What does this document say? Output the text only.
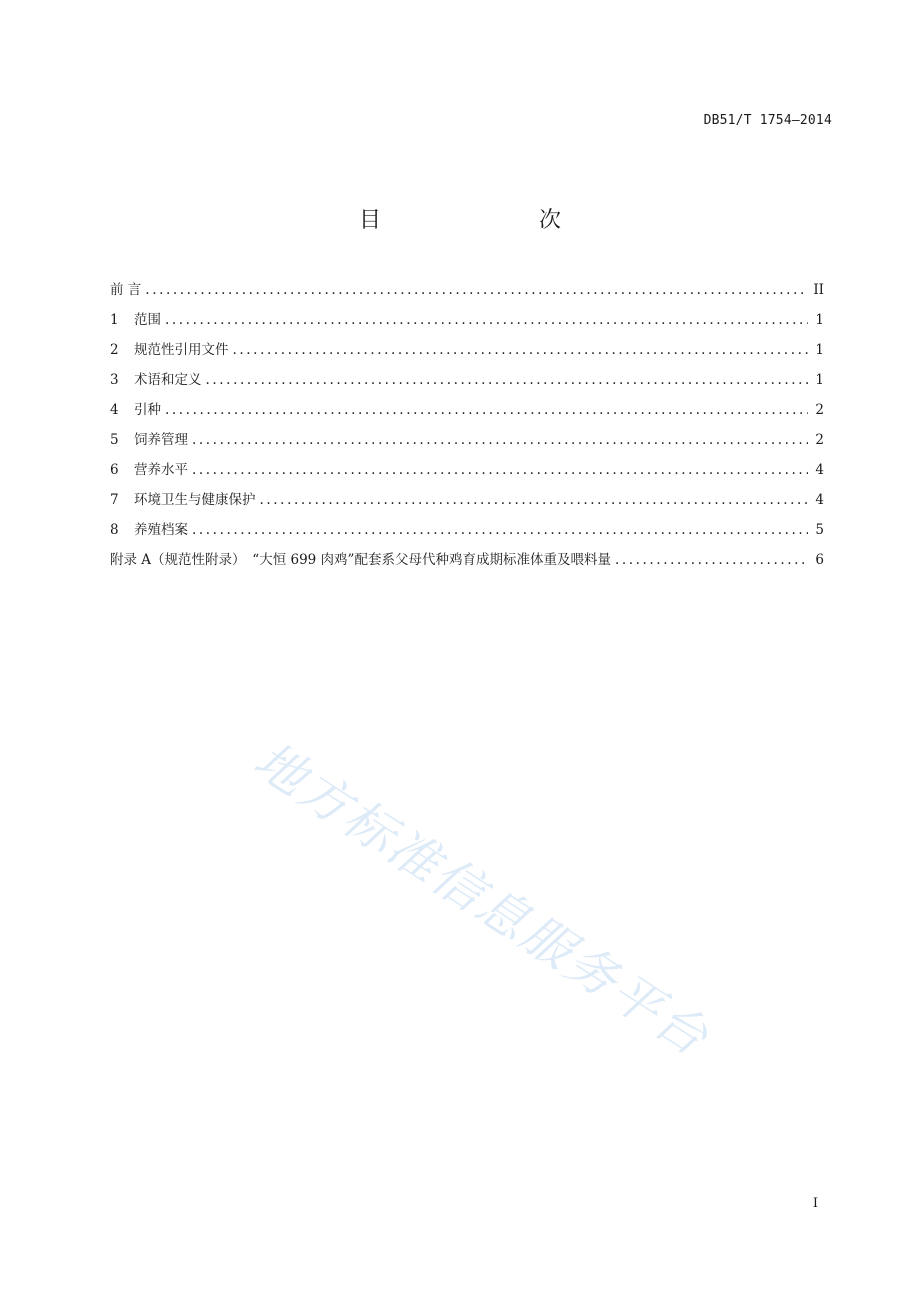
DB51/T 1754—2014
目　　次
前 言 .....	II
1	范围 .....	1
2	规范性引用文件 .....	1
3	术语和定义 .....	1
4	引种 .....	2
5	饲养管理 .....	2
6	营养水平 .....	4
7	环境卫生与健康保护 .....	4
8	养殖档案 .....	5
附录 A（规范性附录）　“大恒 699 肉鸡”配套系父母代种鸡育成期标准体重及喂料量 .....	6
地方标准信息服务平台
I
